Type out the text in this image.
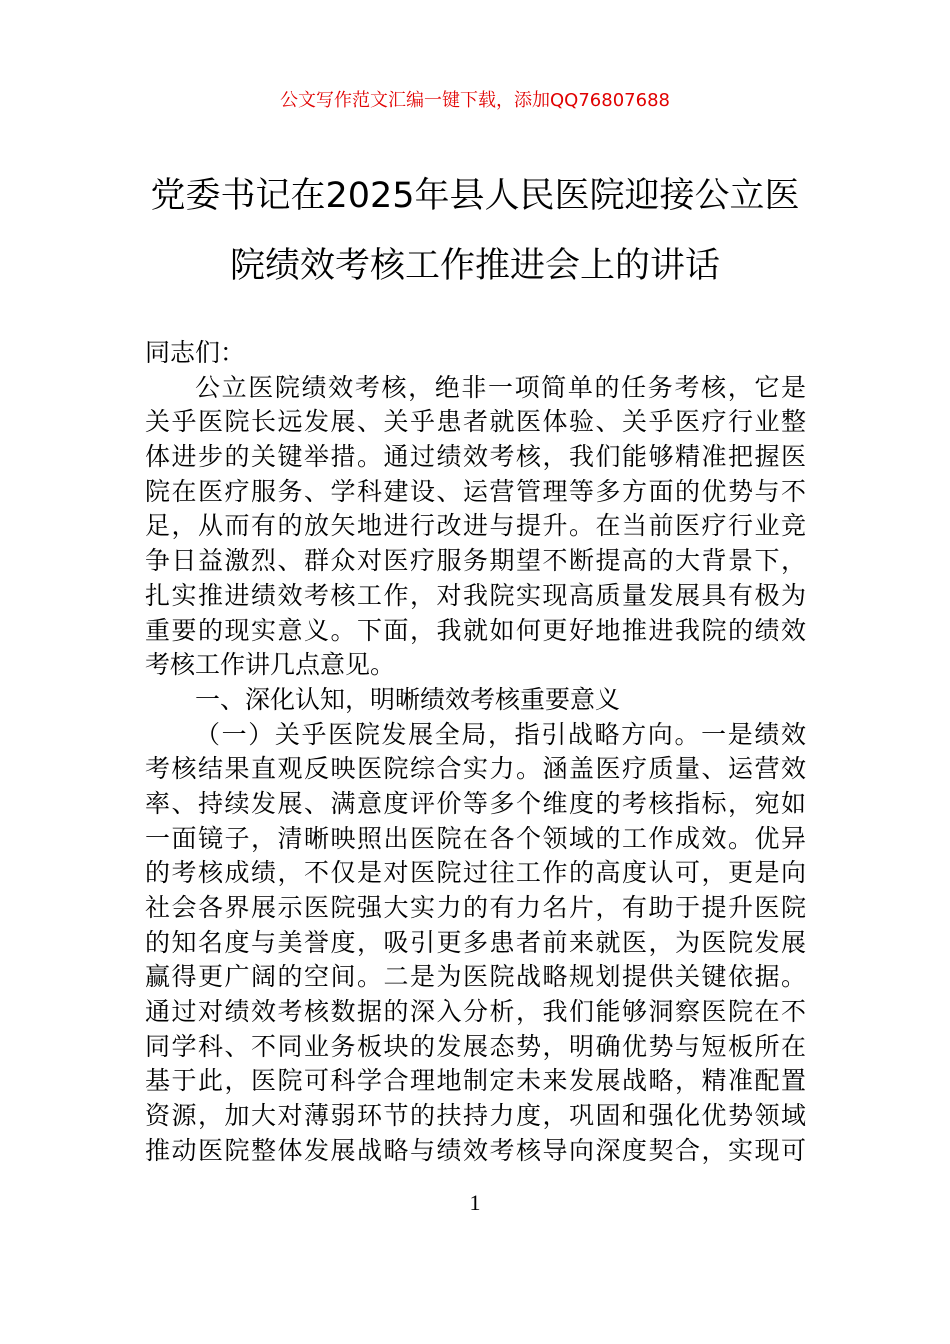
公文写作范文汇编一键下载，添加QQ76807688
党委书记在2025年县人民医院迎接公立医
院绩效考核工作推进会上的讲话
同志们：
公立医院绩效考核，绝非一项简单的任务考核，它是
关乎医院长远发展、关乎患者就医体验、关乎医疗行业整
体进步的关键举措。通过绩效考核，我们能够精准把握医
院在医疗服务、学科建设、运营管理等多方面的优势与不
足，从而有的放矢地进行改进与提升。在当前医疗行业竞
争日益激烈、群众对医疗服务期望不断提高的大背景下，
扎实推进绩效考核工作，对我院实现高质量发展具有极为
重要的现实意义。下面，我就如何更好地推进我院的绩效
考核工作讲几点意见。
一、深化认知，明晰绩效考核重要意义
（一）关乎医院发展全局，指引战略方向。一是绩效
考核结果直观反映医院综合实力。涵盖医疗质量、运营效
率、持续发展、满意度评价等多个维度的考核指标，宛如
一面镜子，清晰映照出医院在各个领域的工作成效。优异
的考核成绩，不仅是对医院过往工作的高度认可，更是向
社会各界展示医院强大实力的有力名片，有助于提升医院
的知名度与美誉度，吸引更多患者前来就医，为医院发展
赢得更广阔的空间。二是为医院战略规划提供关键依据。
通过对绩效考核数据的深入分析，我们能够洞察医院在不
同学科、不同业务板块的发展态势，明确优势与短板所在
基于此，医院可科学合理地制定未来发展战略，精准配置
资源，加大对薄弱环节的扶持力度，巩固和强化优势领域
推动医院整体发展战略与绩效考核导向深度契合，实现可
1
